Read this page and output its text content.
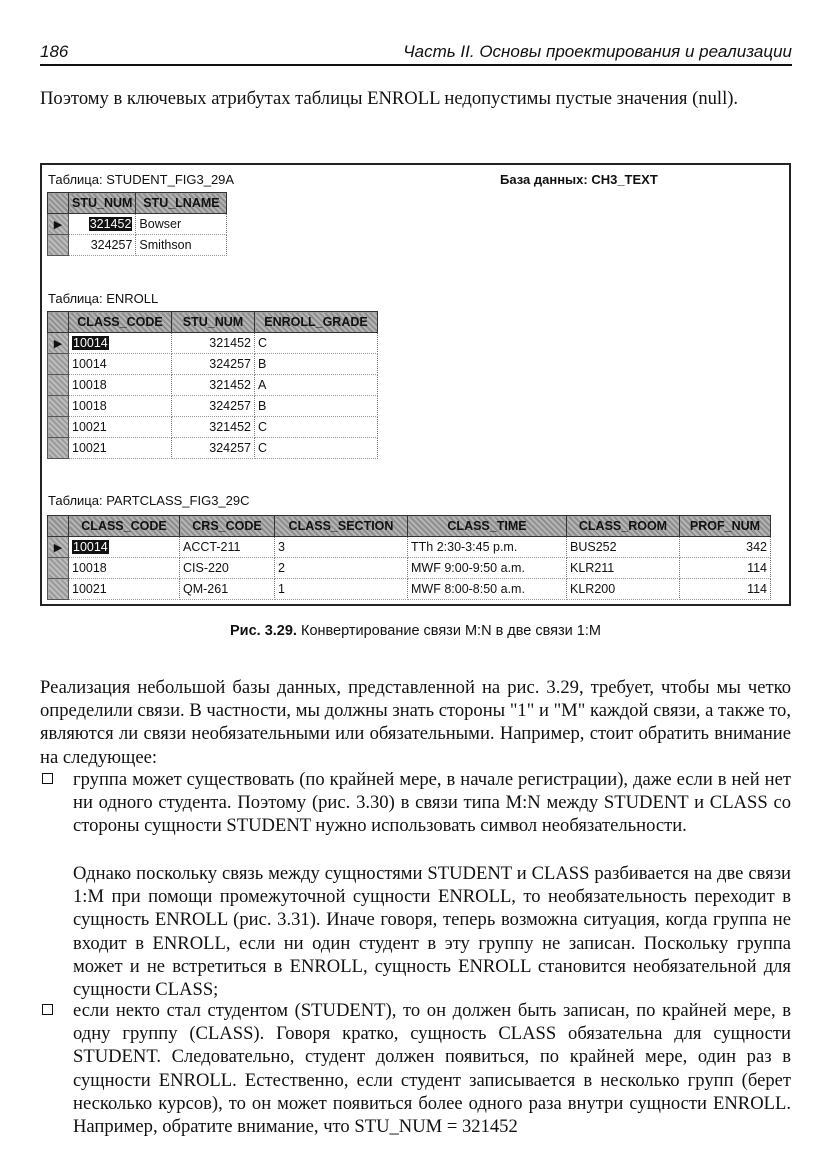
186	Часть II. Основы проектирования и реализации

Поэтому в ключевых атрибутах таблицы ENROLL недопустимы пустые значения (null).

Таблица: STUDENT_FIG3_29A	База данных: CH3_TEXT
	STU_NUM	STU_LNAME
▶	321452	Bowser
	324257	Smithson
Таблица: ENROLL
	CLASS_CODE	STU_NUM	ENROLL_GRADE
▶	10014	321452	C
	10014	324257	B
	10018	321452	A
	10018	324257	B
	10021	321452	C
	10021	324257	C
Таблица: PARTCLASS_FIG3_29C
	CLASS_CODE	CRS_CODE	CLASS_SECTION	CLASS_TIME	CLASS_ROOM	PROF_NUM
▶	10014	ACCT-211	3	TTh 2:30-3:45 p.m.	BUS252	342
	10018	CIS-220	2	MWF 9:00-9:50 a.m.	KLR211	114
	10021	QM-261	1	MWF 8:00-8:50 a.m.	KLR200	114
Рис. 3.29. Конвертирование связи M:N в две связи 1:M

Реализация небольшой базы данных, представленной на рис. 3.29, требует, чтобы мы четко определили связи. В частности, мы должны знать стороны "1" и "M" каждой связи, а также то, являются ли связи необязательными или обязательными. Например, стоит обратить внимание на следующее:

группа может существовать (по крайней мере, в начале регистрации), даже если в ней нет ни одного студента. Поэтому (рис. 3.30) в связи типа M:N между STUDENT и CLASS со стороны сущности STUDENT нужно использовать символ необязательности.

Однако поскольку связь между сущностями STUDENT и CLASS разбивается на две связи 1:M при помощи промежуточной сущности ENROLL, то необязательность переходит в сущность ENROLL (рис. 3.31). Иначе говоря, теперь возможна ситуация, когда группа не входит в ENROLL, если ни один студент в эту группу не записан. Поскольку группа может и не встретиться в ENROLL, сущность ENROLL становится необязательной для сущности CLASS;

если некто стал студентом (STUDENT), то он должен быть записан, по крайней мере, в одну группу (CLASS). Говоря кратко, сущность CLASS обязательна для сущности STUDENT. Следовательно, студент должен появиться, по крайней мере, один раз в сущности ENROLL. Естественно, если студент записывается в несколько групп (берет несколько курсов), то он может появиться более одного раза внутри сущности ENROLL. Например, обратите внимание, что STU_NUM = 321452
